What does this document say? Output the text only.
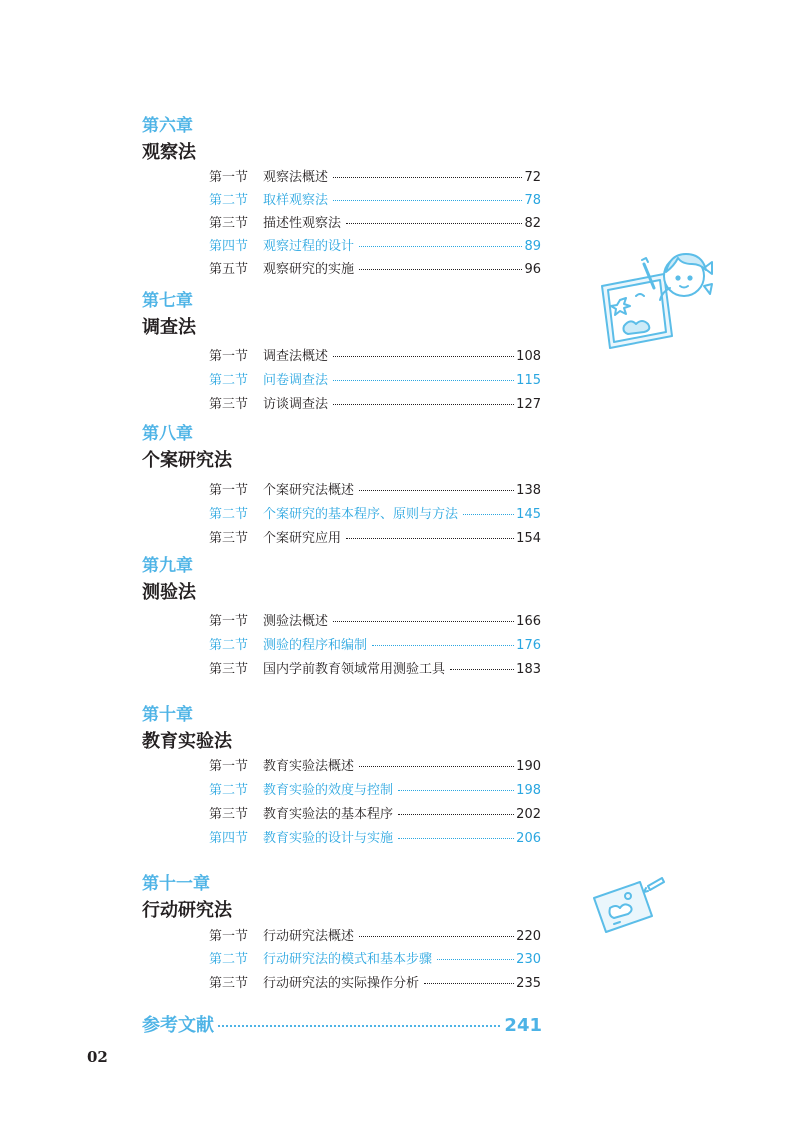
第六章
观察法
第一节	观察法概述	72
第二节	取样观察法	78
第三节	描述性观察法	82
第四节	观察过程的设计	89
第五节	观察研究的实施	96
第七章
调查法
第一节	调查法概述	108
第二节	问卷调查法	115
第三节	访谈调查法	127
第八章
个案研究法
第一节	个案研究法概述	138
第二节	个案研究的基本程序、原则与方法	145
第三节	个案研究应用	154
第九章
测验法
第一节	测验法概述	166
第二节	测验的程序和编制	176
第三节	国内学前教育领域常用测验工具	183
第十章
教育实验法
第一节	教育实验法概述	190
第二节	教育实验的效度与控制	198
第三节	教育实验法的基本程序	202
第四节	教育实验的设计与实施	206
第十一章
行动研究法
第一节	行动研究法概述	220
第二节	行动研究法的模式和基本步骤	230
第三节	行动研究法的实际操作分析	235
参考文献	241
02
